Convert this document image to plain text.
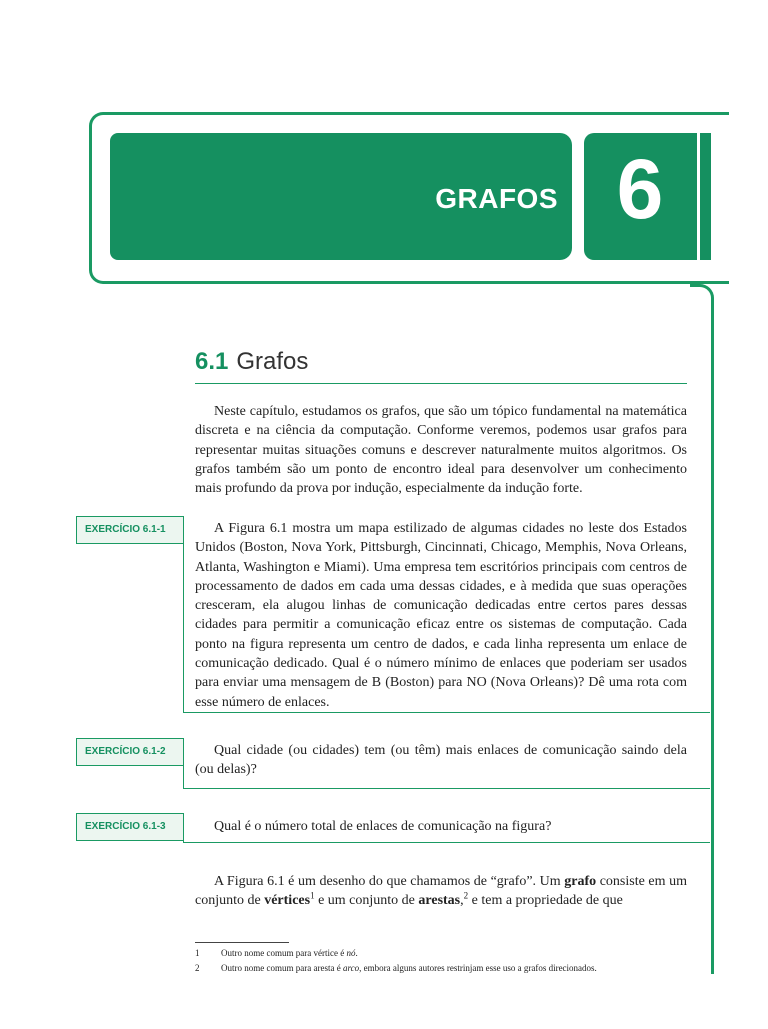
GRAFOS 6
6.1 Grafos

Neste capítulo, estudamos os grafos, que são um tópico fundamental na matemática discreta e na ciência da computação. Conforme veremos, podemos usar grafos para representar muitas situações comuns e descrever naturalmente muitos algoritmos. Os grafos também são um ponto de encontro ideal para desenvolver um conhecimento mais profundo da prova por indução, especialmente da indução forte.

EXERCÍCIO 6.1-1	A Figura 6.1 mostra um mapa estilizado de algumas cidades no leste dos Estados Unidos (Boston, Nova York, Pittsburgh, Cincinnati, Chicago, Memphis, Nova Orleans, Atlanta, Washington e Miami). Uma empresa tem escritórios principais com centros de processamento de dados em cada uma dessas cidades, e à medida que suas operações cresceram, ela alugou linhas de comunicação dedicadas entre certos pares dessas cidades para permitir a comunicação eficaz entre os sistemas de computação. Cada ponto na figura representa um centro de dados, e cada linha representa um enlace de comunicação dedicado. Qual é o número mínimo de enlaces que poderiam ser usados para enviar uma mensagem de B (Boston) para NO (Nova Orleans)? Dê uma rota com esse número de enlaces.

EXERCÍCIO 6.1-2	Qual cidade (ou cidades) tem (ou têm) mais enlaces de comunicação saindo dela (ou delas)?

EXERCÍCIO 6.1-3	Qual é o número total de enlaces de comunicação na figura?

A Figura 6.1 é um desenho do que chamamos de “grafo”. Um grafo consiste em um conjunto de vértices$^1$ e um conjunto de arestas,$^2$ e tem a propriedade de que

1 Outro nome comum para vértice é nó.
2 Outro nome comum para aresta é arco, embora alguns autores restrinjam esse uso a grafos direcionados.
